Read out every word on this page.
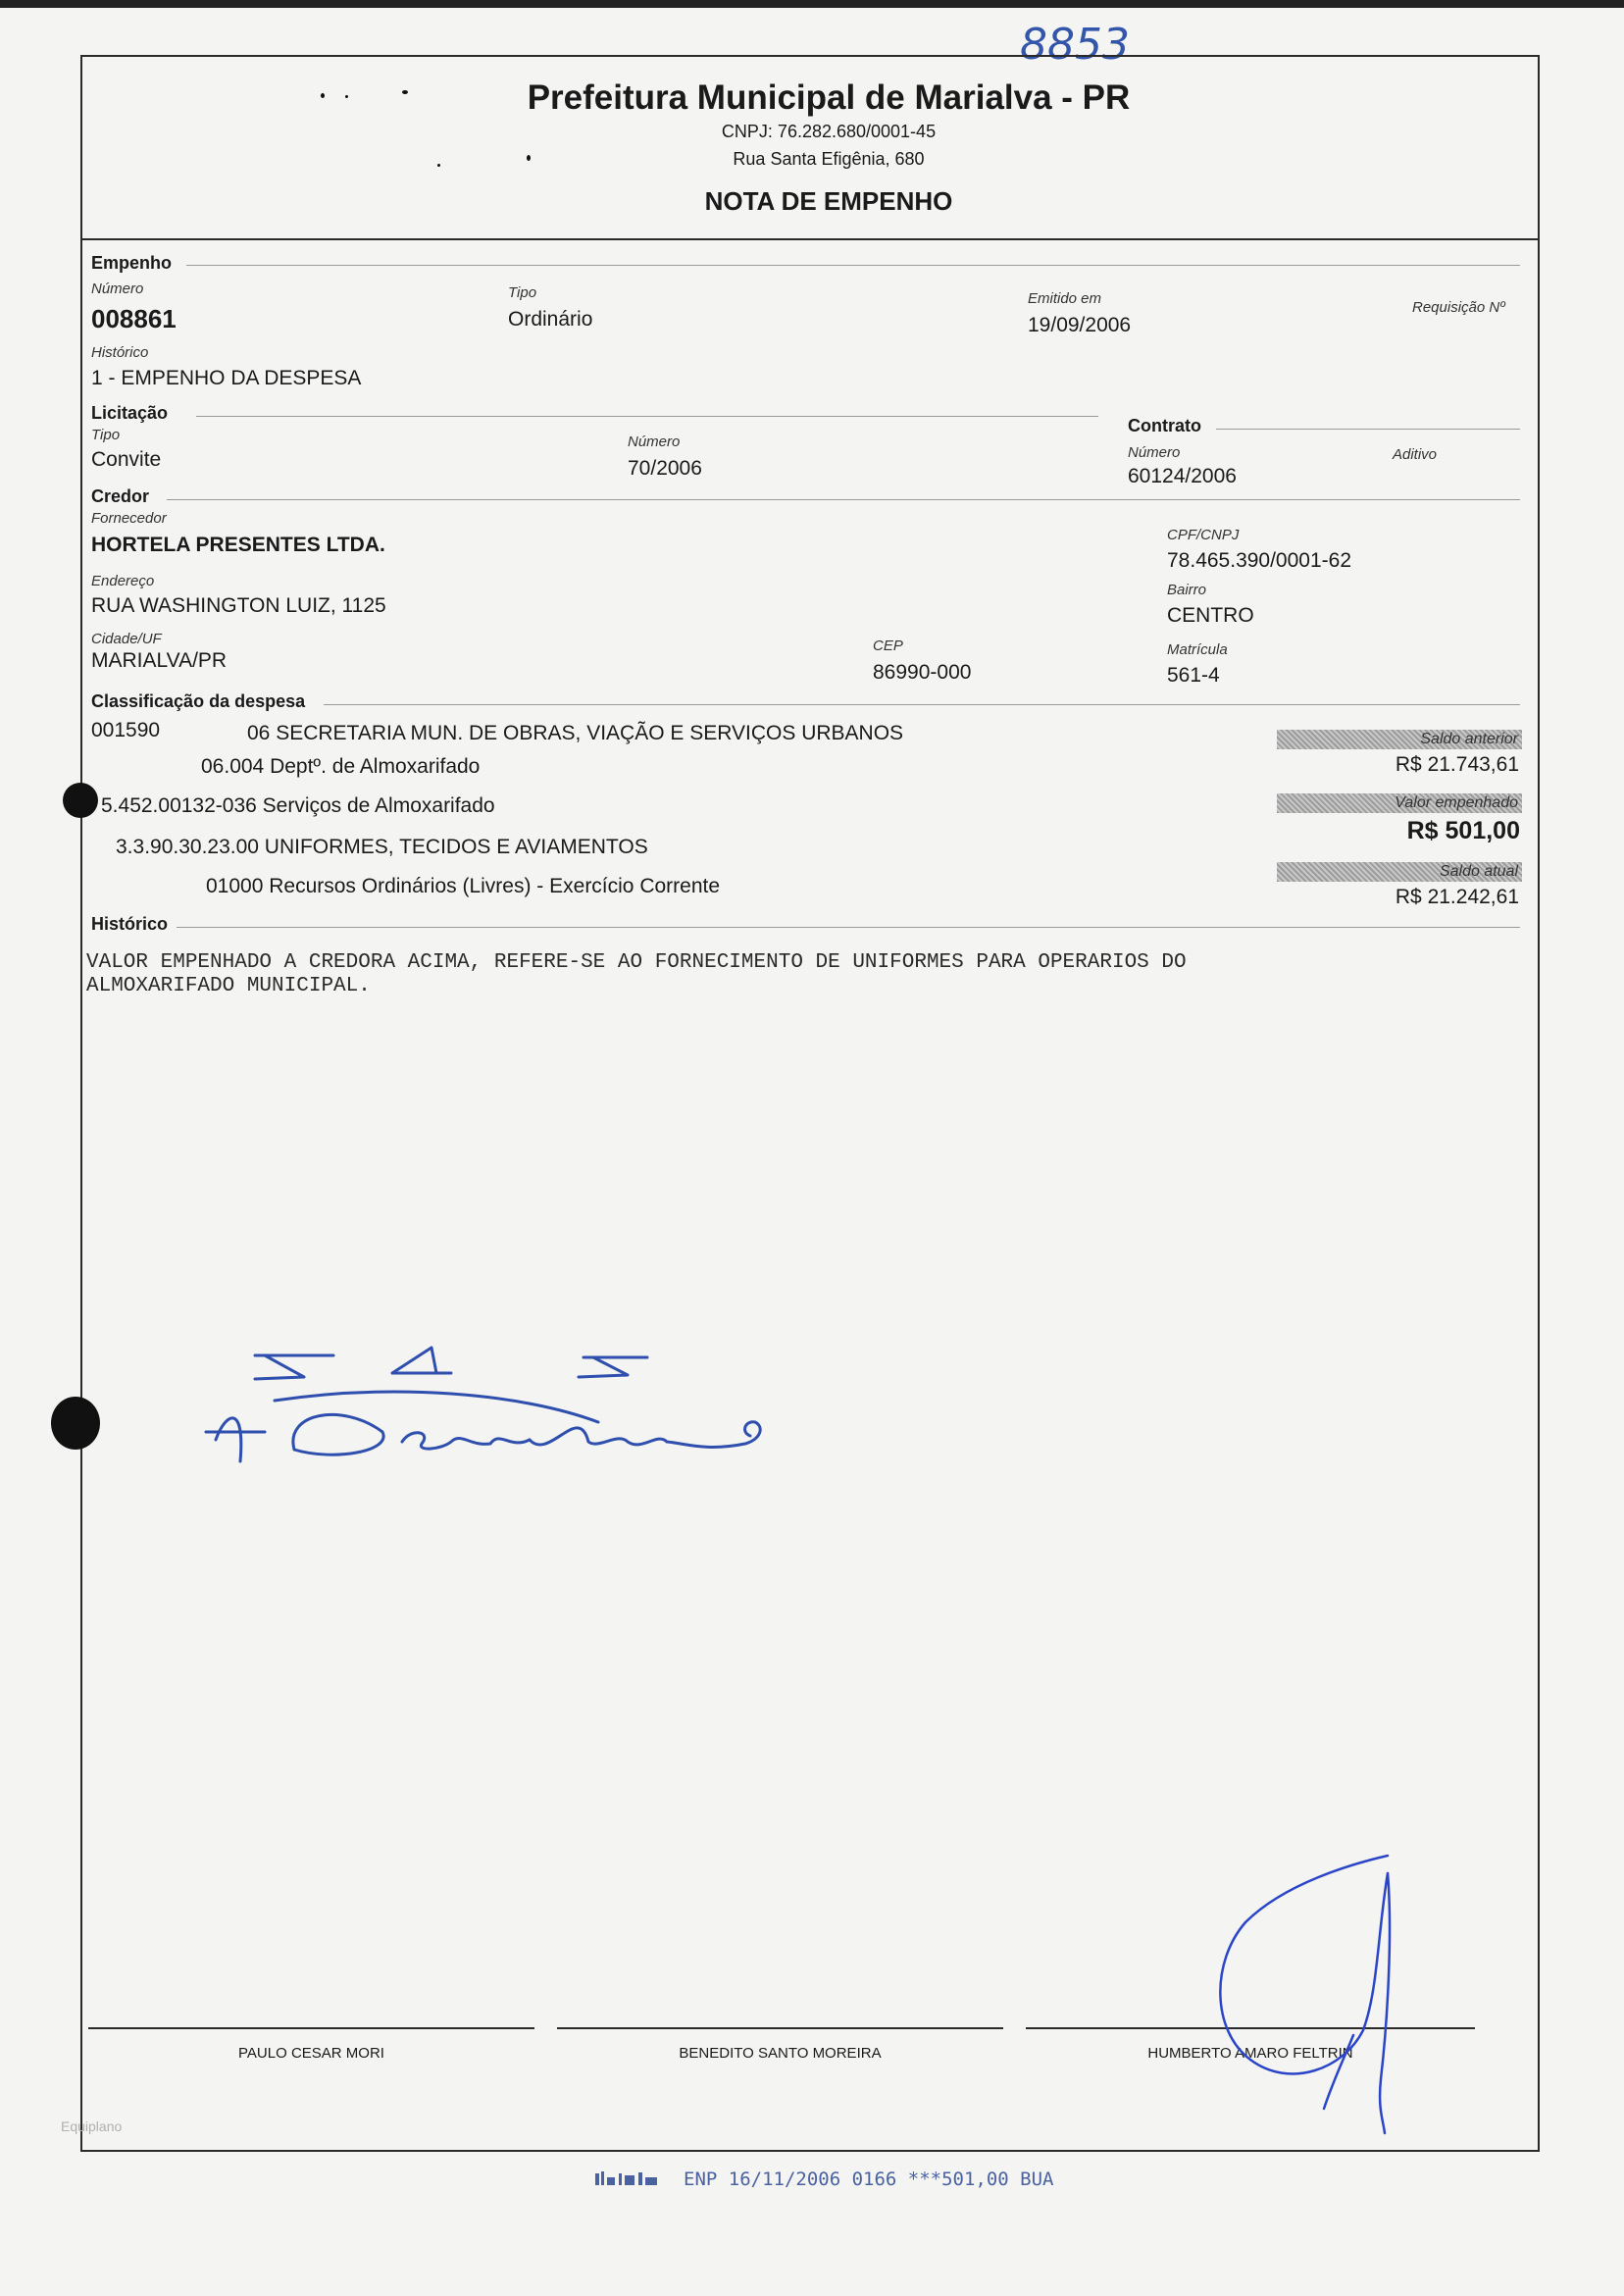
8853
Prefeitura Municipal de Marialva - PR
CNPJ: 76.282.680/0001-45
Rua Santa Efigênia, 680
NOTA DE EMPENHO
Empenho
Número
008861
Tipo
Ordinário
Emitido em
19/09/2006
Requisição Nº
Histórico
1 - EMPENHO DA DESPESA
Licitação
Tipo
Convite
Número
70/2006
Contrato
Número
60124/2006
Aditivo
Credor
Fornecedor
HORTELA PRESENTES LTDA.	CPF/CNPJ
78.465.390/0001-62
Endereço
RUA WASHINGTON LUIZ, 1125
Bairro
CENTRO
Cidade/UF
MARIALVA/PR
CEP
86990-000
Matrícula
561-4
Classificação da despesa
001590	06 SECRETARIA MUN. DE OBRAS, VIAÇÃO E SERVIÇOS URBANOS
06.004 Deptº. de Almoxarifado
5.452.00132-036 Serviços de Almoxarifado
3.3.90.30.23.00 UNIFORMES, TECIDOS E AVIAMENTOS
01000 Recursos Ordinários (Livres) - Exercício Corrente
Saldo anterior
R$ 21.743,61
Valor empenhado
R$ 501,00
Saldo atual
R$ 21.242,61
Histórico
VALOR EMPENHADO A CREDORA ACIMA, REFERE-SE AO FORNECIMENTO DE UNIFORMES PARA OPERARIOS DO
ALMOXARIFADO MUNICIPAL.
PAULO CESAR MORI	BENEDITO SANTO MOREIRA	HUMBERTO AMARO FELTRIN
Equiplano
ENP 16/11/2006 0166 ***501,00 BUA
